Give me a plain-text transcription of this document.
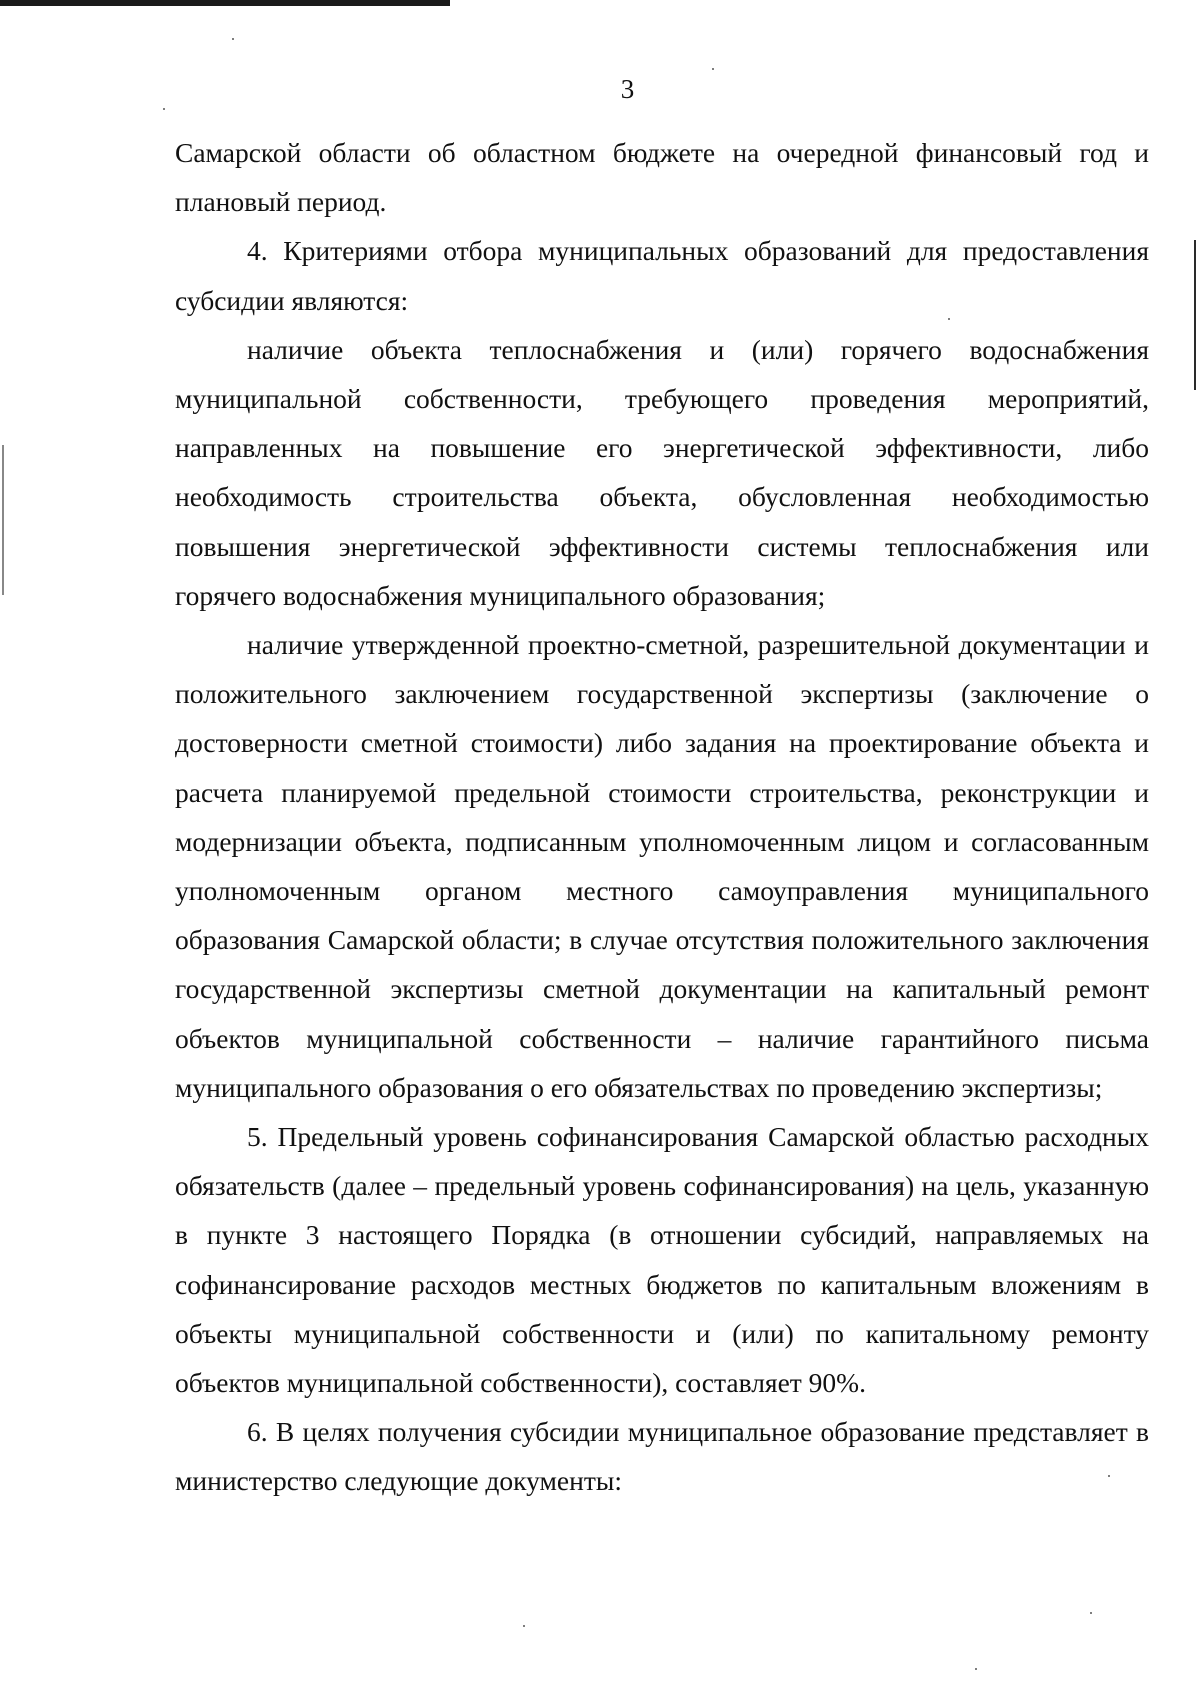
3

Самарской области об областном бюджете на очередной финансовый год и плановый период.

4. Критериями отбора муниципальных образований для предоставления субсидии являются:

наличие объекта теплоснабжения и (или) горячего водоснабжения муниципальной собственности, требующего проведения мероприятий, направленных на повышение его энергетической эффективности, либо необходимость строительства объекта, обусловленная необходимостью повышения энергетической эффективности системы теплоснабжения или горячего водоснабжения муниципального образования;

наличие утвержденной проектно-сметной, разрешительной документации и положительного заключением государственной экспертизы (заключение о достоверности сметной стоимости) либо задания на проектирование объекта и расчета планируемой предельной стоимости строительства, реконструкции и модернизации объекта, подписанным уполномоченным лицом и согласованным уполномоченным органом местного самоуправления муниципального образования Самарской области; в случае отсутствия положительного заключения государственной экспертизы сметной документации на капитальный ремонт объектов муниципальной собственности – наличие гарантийного письма муниципального образования о его обязательствах по проведению экспертизы;

5. Предельный уровень софинансирования Самарской областью расходных обязательств (далее – предельный уровень софинансирования) на цель, указанную в пункте 3 настоящего Порядка (в отношении субсидий, направляемых на софинансирование расходов местных бюджетов по капитальным вложениям в объекты муниципальной собственности и (или) по капитальному ремонту объектов муниципальной собственности), составляет 90%.

6. В целях получения субсидии муниципальное образование представляет в министерство следующие документы:
